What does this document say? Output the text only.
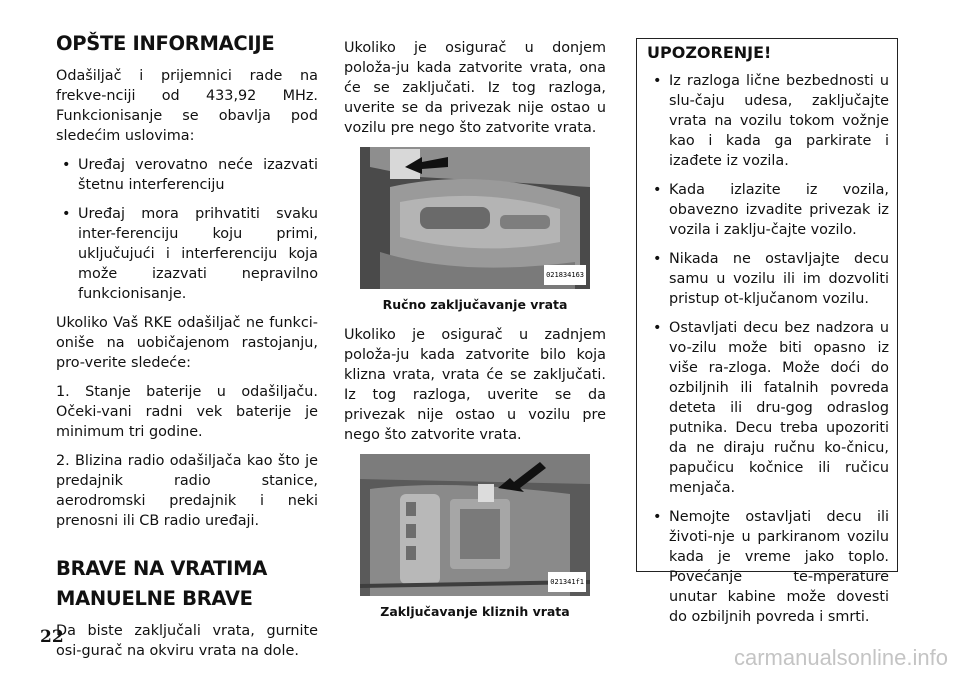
OPŠTE INFORMACIJE

Odašiljač i prijemnici rade na frekve-nciji od 433,92 MHz. Funkcionisanje se obavlja pod sledećim uslovima:

• Uređaj verovatno neće izazvati štetnu interferenciju
• Uređaj mora prihvatiti svaku inter-ferenciju koju primi, uključujući i interferenciju koja može izazvati nepravilno funkcionisanje.

Ukoliko Vaš RKE odašiljač ne funkci-oniše na uobičajenom rastojanju, pro-verite sledeće:

1. Stanje baterije u odašiljaču. Očeki-vani radni vek baterije je minimum tri godine.

2. Blizina radio odašiljača kao što je predajnik radio stanice, aerodromski predajnik i neki prenosni ili CB radio uređaji.

BRAVE NA VRATIMA
MANUELNE BRAVE

Da biste zaključali vrata, gurnite osi-gurač na okviru vrata na dole.

Ukoliko je osigurač u donjem položa-ju kada zatvorite vrata, ona će se zaključati. Iz tog razloga, uverite se da privezak nije ostao u vozilu pre nego što zatvorite vrata.

021834163
Ručno zaključavanje vrata

Ukoliko je osigurač u zadnjem položa-ju kada zatvorite bilo koja klizna vrata, vrata će se zaključati. Iz tog razloga, uverite se da privezak nije ostao u vozilu pre nego što zatvorite vrata.

021341f1
Zaključavanje kliznih vrata
UPOZORENJE!
• Iz razloga lične bezbednosti u slu-čaju udesa, zaključajte vrata na vozilu tokom vožnje kao i kada ga parkirate i izađete iz vozila.
• Kada izlazite iz vozila, obavezno izvadite privezak iz vozila i zaklju-čajte vozilo.
• Nikada ne ostavljajte decu samu u vozilu ili im dozvoliti pristup ot-ključanom vozilu.
• Ostavljati decu bez nadzora u vo-zilu može biti opasno iz više ra-zloga. Može doći do ozbiljnih ili fatalnih povreda deteta ili dru-gog odraslog putnika. Decu treba upozoriti da ne diraju ručnu ko-čnicu, papučicu kočnice ili ručicu menjača.
• Nemojte ostavljati decu ili životi-nje u parkiranom vozilu kada je vreme jako toplo. Povećanje te-mperature unutar kabine može dovesti do ozbiljnih povreda i smrti.
22
carmanualsonline.info
